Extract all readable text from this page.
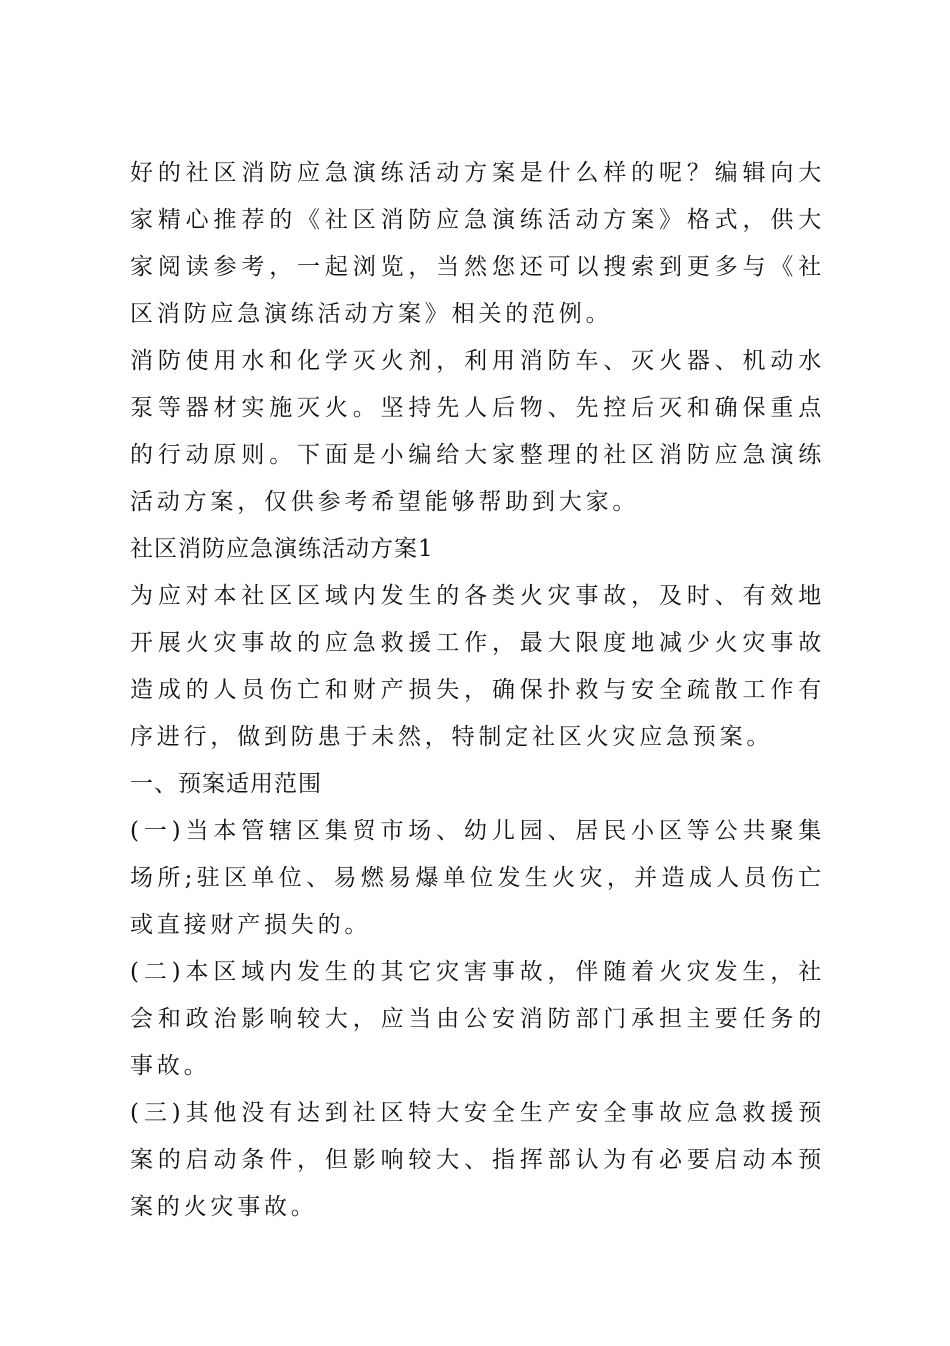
好的社区消防应急演练活动方案是什么样的呢？编辑向大家精心推荐的《社区消防应急演练活动方案》格式，供大家阅读参考，一起浏览，当然您还可以搜索到更多与《社区消防应急演练活动方案》相关的范例。

消防使用水和化学灭火剂，利用消防车、灭火器、机动水泵等器材实施灭火。坚持先人后物、先控后灭和确保重点的行动原则。下面是小编给大家整理的社区消防应急演练活动方案，仅供参考希望能够帮助到大家。

社区消防应急演练活动方案1

为应对本社区区域内发生的各类火灾事故，及时、有效地开展火灾事故的应急救援工作，最大限度地减少火灾事故造成的人员伤亡和财产损失，确保扑救与安全疏散工作有序进行，做到防患于未然，特制定社区火灾应急预案。

一、预案适用范围

(一)当本管辖区集贸市场、幼儿园、居民小区等公共聚集场所;驻区单位、易燃易爆单位发生火灾，并造成人员伤亡或直接财产损失的。

(二)本区域内发生的其它灾害事故，伴随着火灾发生，社会和政治影响较大，应当由公安消防部门承担主要任务的事故。

(三)其他没有达到社区特大安全生产安全事故应急救援预案的启动条件，但影响较大、指挥部认为有必要启动本预案的火灾事故。
